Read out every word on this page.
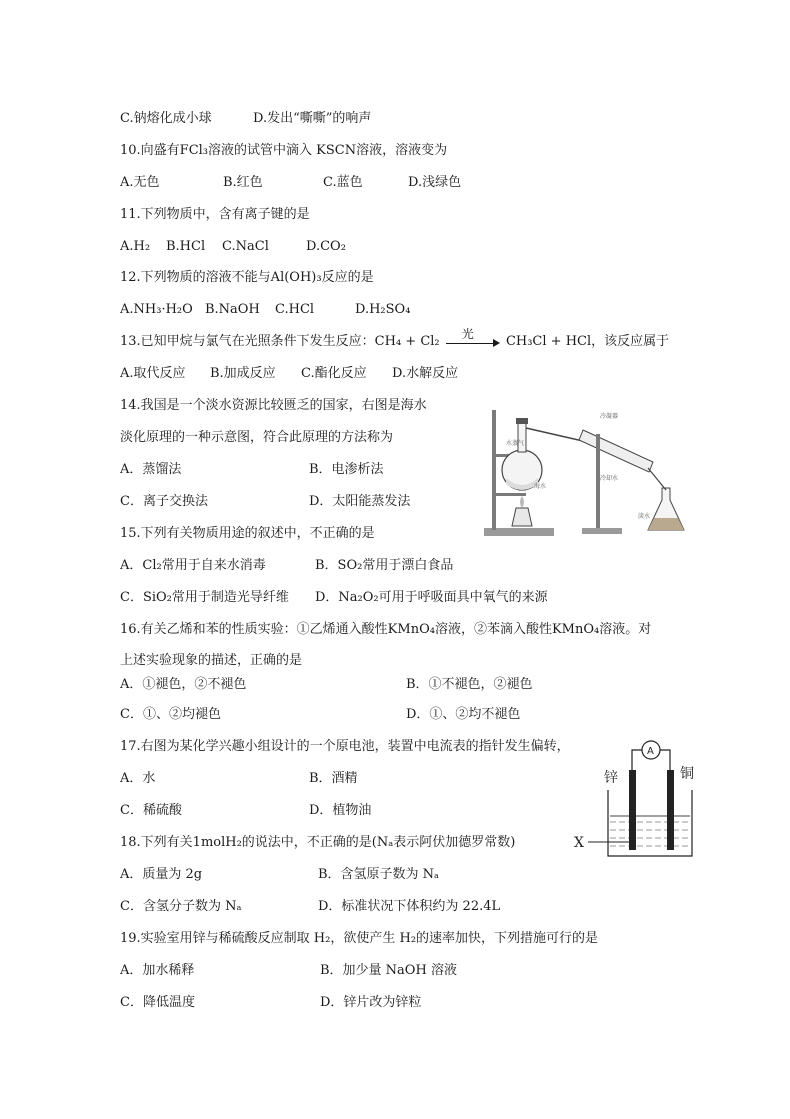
C.钠熔化成小球	D.发出“嘶嘶”的响声
10.向盛有FCl₃溶液的试管中滴入 KSCN溶液，溶液变为
A.无色	B.红色	C.蓝色	D.浅绿色
11.下列物质中，含有离子键的是
A.H₂ B.HCl C.NaCl	D.CO₂
12.下列物质的溶液不能与Al(OH)₃反应的是
A.NH₃·H₂O B.NaOH C.HCl	D.H₂SO₄
13.已知甲烷与氯气在光照条件下发生反应：CH₄ + Cl₂
光
CH₃Cl + HCl，该反应属于
A.取代反应 B.加成反应 C.酯化反应 D.水解反应
14.我国是一个淡水资源比较匮乏的国家，右图是海水
淡化原理的一种示意图，符合此原理的方法称为
A．蒸馏法	B．电渗析法
C．离子交换法	D．太阳能蒸发法
水蒸气
冷凝器
海水
冷却水
淡水
15.下列有关物质用途的叙述中，不正确的是
A．Cl₂常用于自来水消毒	B．SO₂常用于漂白食品
C．SiO₂常用于制造光导纤维 D．Na₂O₂可用于呼吸面具中氧气的来源
16.有关乙烯和苯的性质实验：①乙烯通入酸性KMnO₄溶液，②苯滴入酸性KMnO₄溶液。对
上述实验现象的描述，正确的是
A．①褪色，②不褪色	B．①不褪色，②褪色
C．①、②均褪色	D．①、②均不褪色
17.右图为某化学兴趣小组设计的一个原电池，装置中电流表的指针发生偏转，
A．水	B．酒精
C．稀硫酸	D．植物油
A
锌	铜
X
18.下列有关1molH₂的说法中，不正确的是(Nₐ表示阿伏加德罗常数)
A．质量为 2g	B．含氢原子数为 Nₐ
C．含氢分子数为 Nₐ	D．标准状况下体积约为 22.4L
19.实验室用锌与稀硫酸反应制取 H₂，欲使产生 H₂的速率加快，下列措施可行的是
A．加水稀释	B．加少量 NaOH 溶液
C．降低温度	D．锌片改为锌粒
